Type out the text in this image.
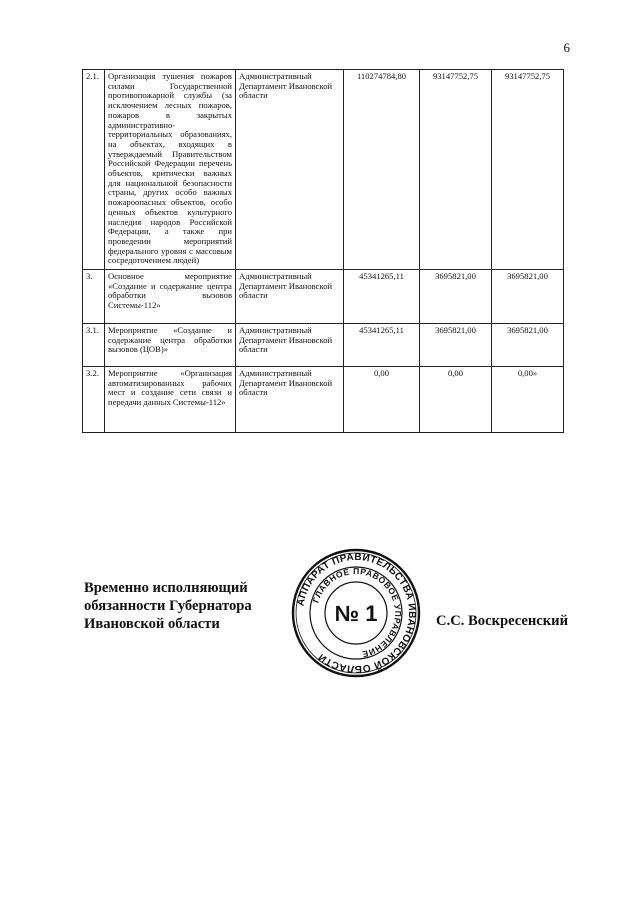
6
2.1.	Организация тушения пожаров силами Государственной противопожарной службы (за исключением лесных пожаров, пожаров в закрытых административно-территориальных образованиях, на объектах, входящих в утверждаемый Правительством Российской Федерации перечень объектов, критически важных для национальной безопасности страны, других особо важных пожароопасных объектов, особо ценных объектов культурного наследия народов Российской Федерации, а также при проведении мероприятий федерального уровня с массовым сосредоточением людей)	Административный Департамент Ивановской области	110274784,80	93147752,75	93147752,75
3.	Основное мероприятие «Создание и содержание центра обработки вызовов Системы-112»	Административный Департамент Ивановской области	45341265,11	3695821,00	3695821,00
3.1.	Мероприятие «Создание и содержание центра обработки вызовов (ЦОВ)»	Административный Департамент Ивановской области	45341265,11	3695821,00	3695821,00
3.2.	Мероприятие «Организация автоматизированных рабочих мест и создание сети связи и передачи данных Системы-112»	Административный Департамент Ивановской области	0,00	0,00	0,00»
Временно исполняющий
обязанности Губернатора
Ивановской области
АППАРАТ ПРАВИТЕЛЬСТВА ИВАНОВСКОЙ ОБЛАСТИ
ГЛАВНОЕ ПРАВОВОЕ УПРАВЛЕНИЕ
№ 1	С.С. Воскресенский
